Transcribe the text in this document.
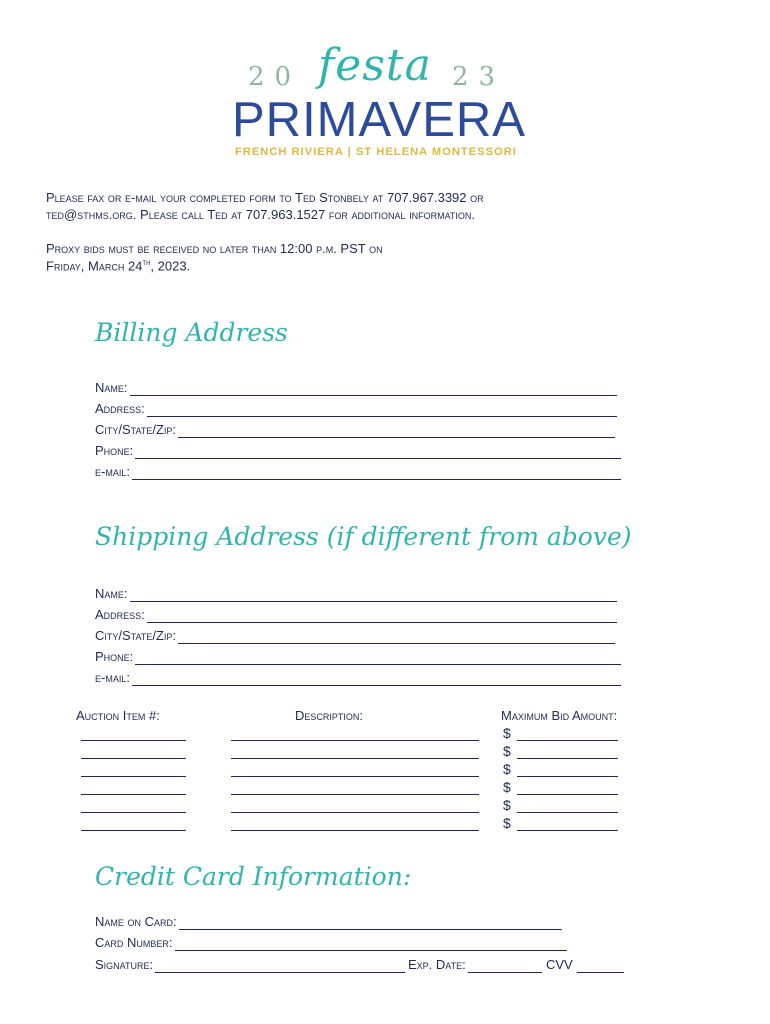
20 festa 23
PRIMAVERA
FRENCH RIVIERA | ST HELENA MONTESSORI
Please fax or e-mail your completed form to Ted Stonbely at 707.967.3392 or
ted@sthms.org. Please call Ted at 707.963.1527 for additional information.
Proxy bids must be received no later than 12:00 p.m. PST on
Friday, March 24th, 2023.
Billing Address
Name:
Address:
City/State/Zip:
Phone:
e-mail:
Shipping Address (if different from above)
Name:
Address:
City/State/Zip:
Phone:
e-mail:
Auction Item #:	Description:	Maximum Bid Amount:
$
$
$
$
$
$
Credit Card Information:
Name on Card:
Card Number:
Signature:	Exp. Date:	CVV
